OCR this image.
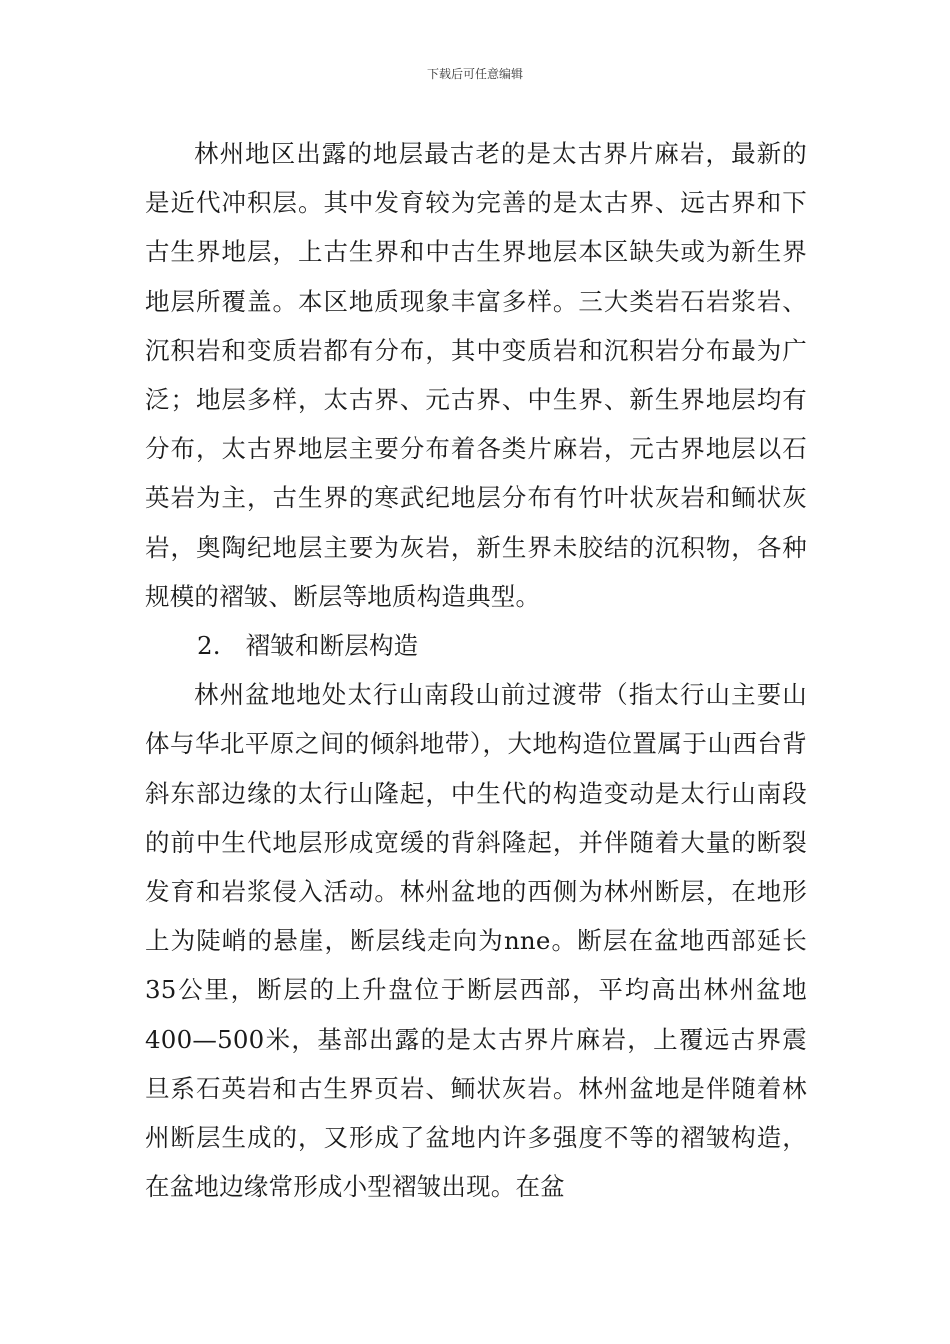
下载后可任意编辑

林州地区出露的地层最古老的是太古界片麻岩，最新的是近代冲积层。其中发育较为完善的是太古界、远古界和下古生界地层，上古生界和中古生界地层本区缺失或为新生界地层所覆盖。本区地质现象丰富多样。三大类岩石岩浆岩、沉积岩和变质岩都有分布，其中变质岩和沉积岩分布最为广泛；地层多样，太古界、元古界、中生界、新生界地层均有分布，太古界地层主要分布着各类片麻岩，元古界地层以石英岩为主，古生界的寒武纪地层分布有竹叶状灰岩和鲕状灰岩，奥陶纪地层主要为灰岩，新生界未胶结的沉积物，各种规模的褶皱、断层等地质构造典型。

2.　褶皱和断层构造

林州盆地地处太行山南段山前过渡带（指太行山主要山体与华北平原之间的倾斜地带），大地构造位置属于山西台背斜东部边缘的太行山隆起，中生代的构造变动是太行山南段的前中生代地层形成宽缓的背斜隆起，并伴随着大量的断裂发育和岩浆侵入活动。林州盆地的西侧为林州断层，在地形上为陡峭的悬崖，断层线走向为nne。断层在盆地西部延长35公里，断层的上升盘位于断层西部，平均高出林州盆地400—500米，基部出露的是太古界片麻岩，上覆远古界震旦系石英岩和古生界页岩、鲕状灰岩。林州盆地是伴随着林州断层生成的，又形成了盆地内许多强度不等的褶皱构造，在盆地边缘常形成小型褶皱出现。在盆
